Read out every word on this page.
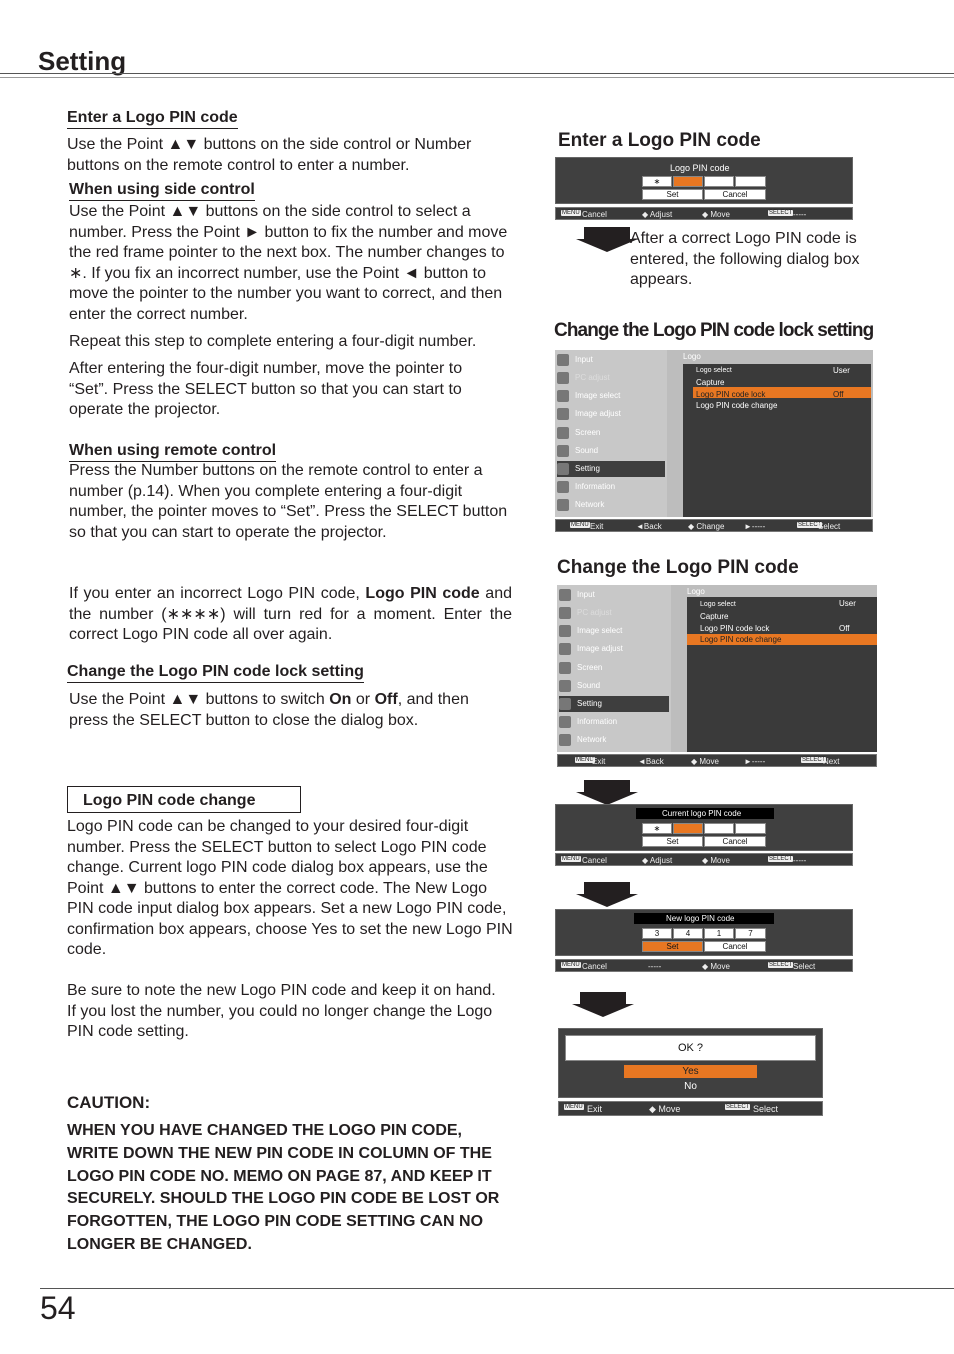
Setting
Enter a Logo PIN code
Use the Point ▲▼ buttons on the side control or Number buttons on the remote control to enter a number.
When using side control
Use the Point ▲▼ buttons on the side control to select a number. Press the Point ► button to fix the number and move the red frame pointer to the next box. The number changes to ∗. If you fix an incorrect number, use the Point ◄ button to move the pointer to the number you want to correct, and then enter the correct number.
Repeat this step to complete entering a four-digit number.
After entering the four-digit number, move the pointer to “Set”. Press the SELECT button so that you can start to operate the projector.
When using remote control
Press the Number buttons on the remote control to enter a number (p.14). When you complete entering a four-digit number, the pointer moves to “Set”. Press the SELECT button so that you can start to operate the projector.
If you enter an incorrect Logo PIN code, Logo PIN code and the number (∗∗∗∗) will turn red for a moment. Enter the correct Logo PIN code all over again.
Change the Logo PIN code lock setting
Use the Point ▲▼ buttons to switch On or Off, and then press the SELECT button to close the dialog box.
Logo PIN code change
Logo PIN code can be changed to your desired four-digit number. Press the SELECT button to select Logo PIN code change. Current logo PIN code dialog box appears, use the Point ▲▼ buttons to enter the correct code. The New Logo PIN code input dialog box appears. Set a new Logo PIN code, confirmation box appears, choose Yes to set the new Logo PIN code.
Be sure to note the new Logo PIN code and keep it on hand. If you lost the number, you could no longer change the Logo PIN code setting.
CAUTION:
WHEN YOU HAVE CHANGED THE LOGO PIN CODE, WRITE DOWN THE NEW PIN CODE IN COLUMN OF THE LOGO PIN CODE NO. MEMO ON PAGE 87, AND KEEP IT SECURELY. SHOULD THE LOGO PIN CODE BE LOST OR FORGOTTEN, THE LOGO PIN CODE SETTING CAN NO LONGER BE CHANGED.
Enter a Logo PIN code
Logo PIN code
∗
Set	Cancel
MENU Cancel	◆ Adjust	◆ Move	SELECT -----
After a correct Logo PIN code is entered, the following dialog box appears.
Change the Logo PIN code lock setting
Input
PC adjust
Image select
Image adjust
Screen
Sound
Setting
Information
Network
Logo
Logo select	User
Capture
Logo PIN code lock	Off
Logo PIN code change
MENU Exit	◄Back	◆ Change ►-----	SELECT
Select
Change the Logo PIN code
Input
PC adjust
Image select
Image adjust
Screen
Sound
Setting
Information
Network
Logo
Logo select	User
Capture
Logo PIN code lock	Off
Logo PIN code change
MENU
Exit	◄Back	◆ Move	►-----	SELECT
Next
Current logo PIN code
∗
Set	Cancel
MENU Cancel	◆ Adjust	◆ Move	SELECT -----
New logo PIN code
3	4	1	7
Set	Cancel
MENU Cancel	-----	◆ Move	SELECT Select
OK ?
Yes
No
MENU Exit	◆ Move	SELECT Select
54
